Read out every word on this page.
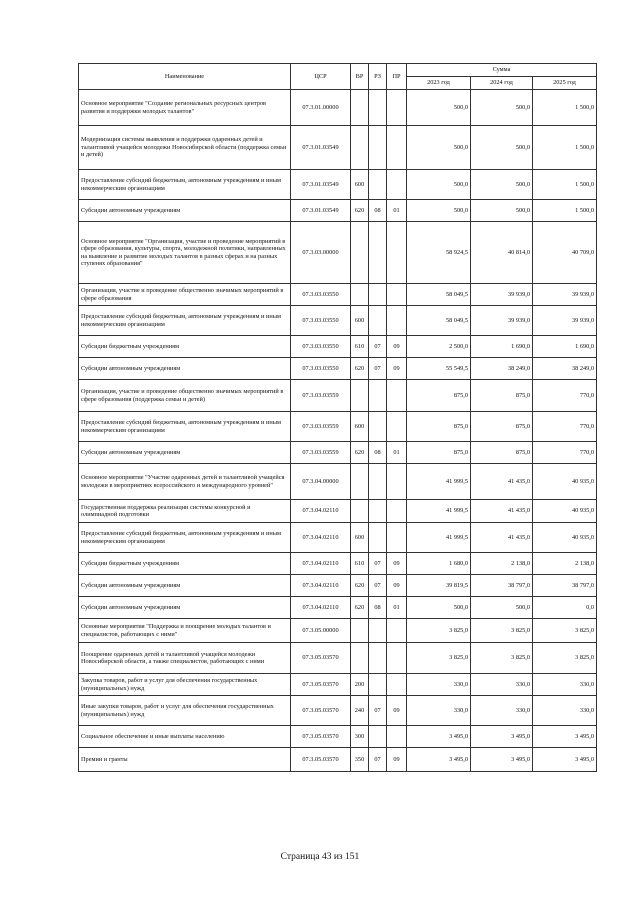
Наименование	ЦСР	ВР	РЗ	ПР	Сумма		
					2023 год	2024 год	2025 год
Основное мероприятие "Создание региональных ресурсных центров развития и поддержки молодых талантов"	07.3.01.00000				500,0	500,0	1 500,0
Модернизация системы выявления и поддержки одаренных детей и талантливой учащейся молодежи Новосибирской области (поддержка семьи и детей)	07.3.01.03549				500,0	500,0	1 500,0
Предоставление субсидий бюджетным, автономным учреждениям и иным некоммерческим организациям	07.3.01.03549	600			500,0	500,0	1 500,0
Субсидии автономным учреждениям	07.3.01.03549	620	08	01	500,0	500,0	1 500,0
Основное мероприятие "Организация, участие и проведение мероприятий в сфере образования, культуры, спорта, молодежной политики, направленных на выявление и развитие молодых талантов в разных сферах и на разных ступенях образования"	07.3.03.00000				58 924,5	40 814,0	40 709,0
Организация, участие и проведение общественно значимых мероприятий в сфере образования	07.3.03.03550				58 049,5	39 939,0	39 939,0
Предоставление субсидий бюджетным, автономным учреждениям и иным некоммерческим организациям	07.3.03.03550	600			58 049,5	39 939,0	39 939,0
Субсидии бюджетным учреждениям	07.3.03.03550	610	07	09	2 500,0	1 690,0	1 690,0
Субсидии автономным учреждениям	07.3.03.03550	620	07	09	55 549,5	38 249,0	38 249,0
Организация, участие и проведение общественно значимых мероприятий в сфере образования (поддержка семьи и детей)	07.3.03.03559				875,0	875,0	770,0
Предоставление субсидий бюджетным, автономным учреждениям и иным некоммерческим организациям	07.3.03.03559	600			875,0	875,0	770,0
Субсидии автономным учреждениям	07.3.03.03559	620	08	01	875,0	875,0	770,0
Основное мероприятие "Участие одаренных детей и талантливой учащейся молодежи в мероприятиях всероссийского и международного уровней"	07.3.04.00000				41 999,5	41 435,0	40 935,0
Государственная поддержка реализации системы конкурсной и олимпиадной подготовки	07.3.04.02110				41 999,5	41 435,0	40 935,0
Предоставление субсидий бюджетным, автономным учреждениям и иным некоммерческим организациям	07.3.04.02110	600			41 999,5	41 435,0	40 935,0
Субсидии бюджетным учреждениям	07.3.04.02110	610	07	09	1 680,0	2 138,0	2 138,0
Субсидии автономным учреждениям	07.3.04.02110	620	07	09	39 819,5	38 797,0	38 797,0
Субсидии автономным учреждениям	07.3.04.02110	620	08	01	500,0	500,0	0,0
Основные мероприятия "Поддержка и поощрение молодых талантов и специалистов, работающих с ними"	07.3.05.00000				3 825,0	3 825,0	3 825,0
Поощрение одаренных детей и талантливой учащейся молодежи Новосибирской области, а также специалистов, работающих с ними	07.3.05.03570				3 825,0	3 825,0	3 825,0
Закупка товаров, работ и услуг для обеспечения государственных (муниципальных) нужд	07.3.05.03570	200			330,0	330,0	330,0
Иные закупки товаров, работ и услуг для обеспечения государственных (муниципальных) нужд	07.3.05.03570	240	07	09	330,0	330,0	330,0
Социальное обеспечение и иные выплаты населению	07.3.05.03570	300			3 495,0	3 495,0	3 495,0
Премии и гранты	07.3.05.03570	350	07	09	3 495,0	3 495,0	3 495,0
Страница 43 из 151
